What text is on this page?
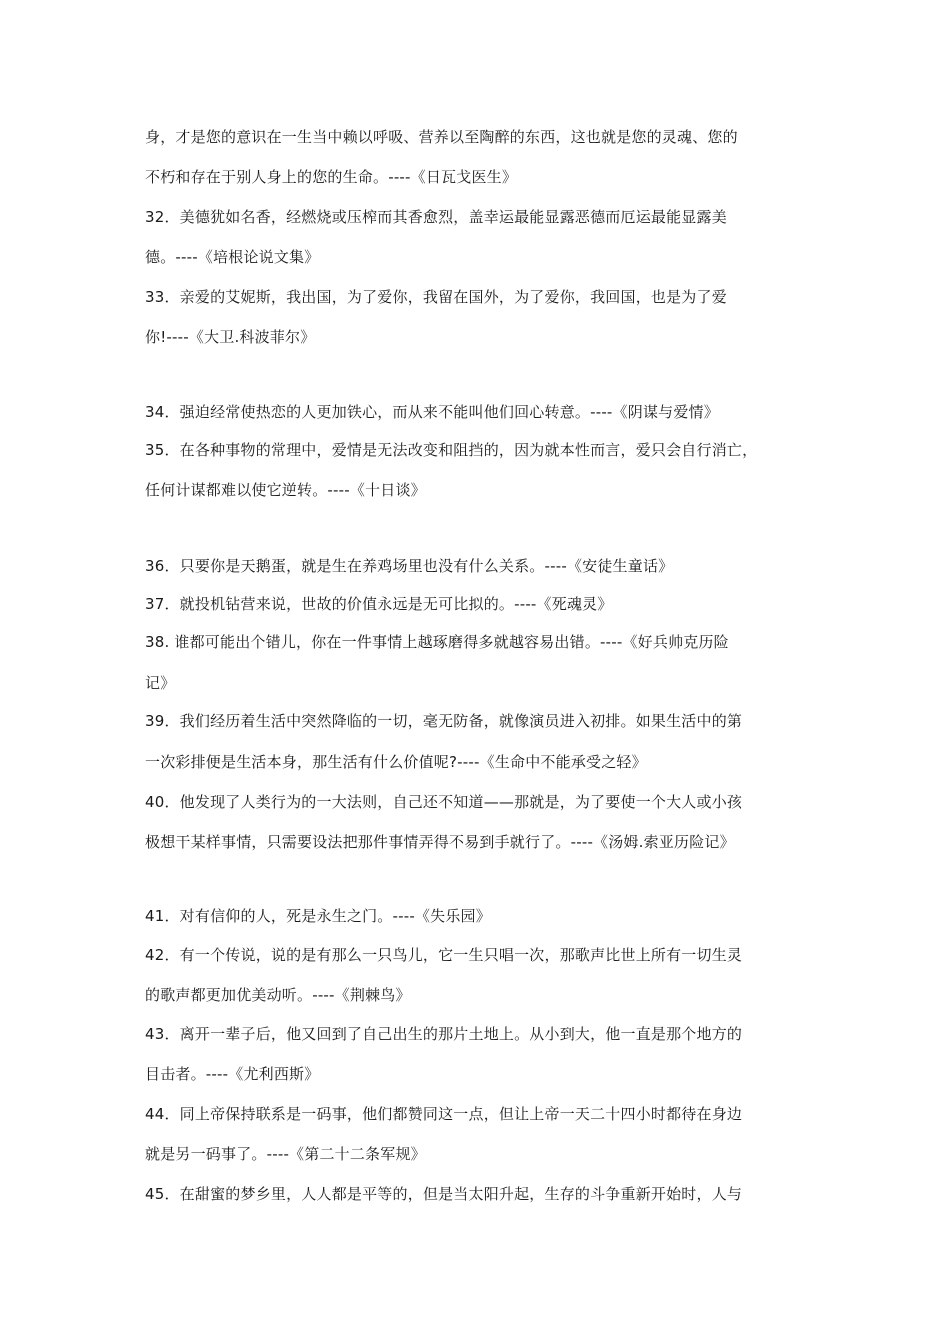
身，才是您的意识在一生当中赖以呼吸、营养以至陶醉的东西，这也就是您的灵魂、您的
不朽和存在于别人身上的您的生命。----《日瓦戈医生》
32．美德犹如名香，经燃烧或压榨而其香愈烈，盖幸运最能显露恶德而厄运最能显露美
德。----《培根论说文集》
33．亲爱的艾妮斯，我出国，为了爱你，我留在国外，为了爱你，我回国，也是为了爱
你!----《大卫.科波菲尔》
34．强迫经常使热恋的人更加铁心，而从来不能叫他们回心转意。----《阴谋与爱情》
35．在各种事物的常理中，爱情是无法改变和阻挡的，因为就本性而言，爱只会自行消亡，
任何计谋都难以使它逆转。----《十日谈》
36．只要你是天鹅蛋，就是生在养鸡场里也没有什么关系。----《安徒生童话》
37．就投机钻营来说，世故的价值永远是无可比拟的。----《死魂灵》
38. 谁都可能出个错儿，你在一件事情上越琢磨得多就越容易出错。----《好兵帅克历险
记》
39．我们经历着生活中突然降临的一切，毫无防备，就像演员进入初排。如果生活中的第
一次彩排便是生活本身，那生活有什么价值呢?----《生命中不能承受之轻》
40．他发现了人类行为的一大法则，自己还不知道——那就是，为了要使一个大人或小孩
极想干某样事情，只需要设法把那件事情弄得不易到手就行了。----《汤姆.索亚历险记》
41．对有信仰的人，死是永生之门。----《失乐园》
42．有一个传说，说的是有那么一只鸟儿，它一生只唱一次，那歌声比世上所有一切生灵
的歌声都更加优美动听。----《荆棘鸟》
43．离开一辈子后，他又回到了自己出生的那片土地上。从小到大，他一直是那个地方的
目击者。----《尤利西斯》
44．同上帝保持联系是一码事，他们都赞同这一点，但让上帝一天二十四小时都待在身边
就是另一码事了。----《第二十二条军规》
45．在甜蜜的梦乡里，人人都是平等的，但是当太阳升起，生存的斗争重新开始时，人与
